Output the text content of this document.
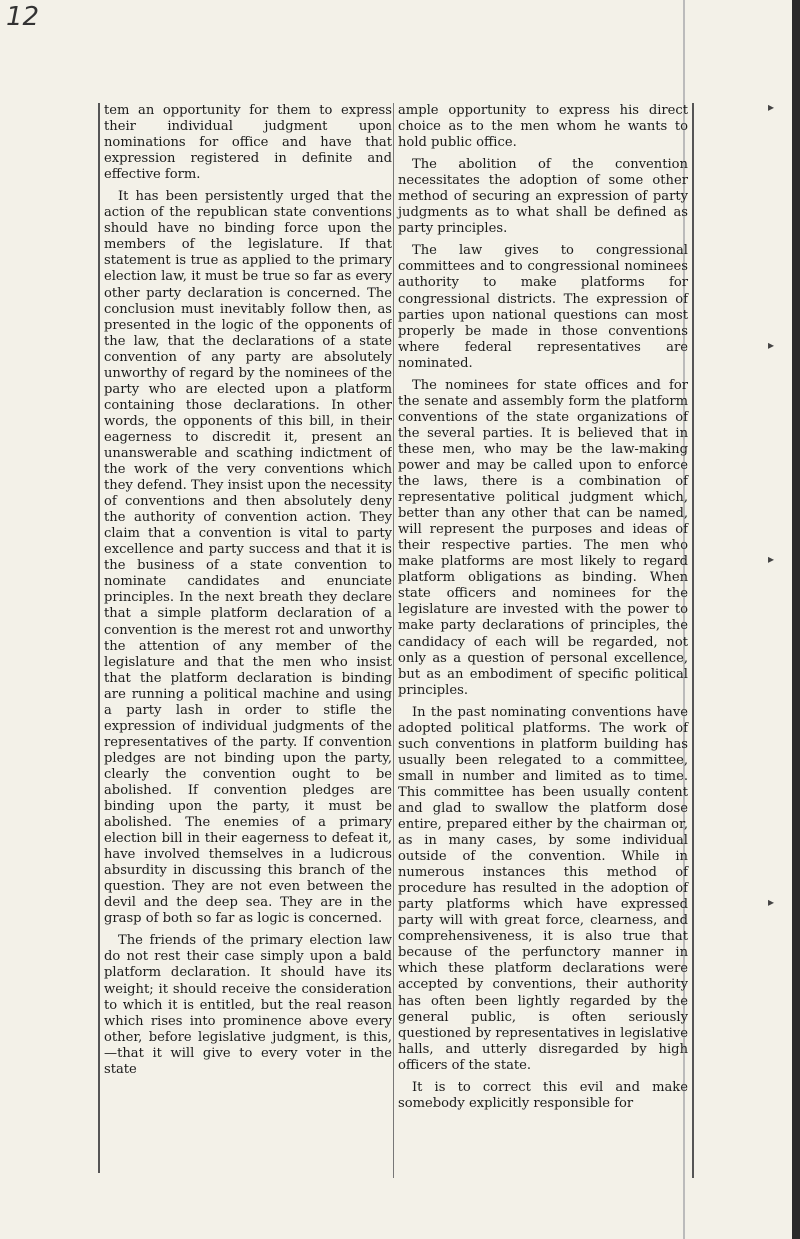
12
▸
▸
▸
▸

tem an opportunity for them to express their individual judgment upon nominations for office and have that expression registered in definite and effective form.

It has been persistently urged that the action of the republican state conventions should have no binding force upon the members of the legislature. If that statement is true as applied to the primary election law, it must be true so far as every other party declaration is concerned. The conclusion must inevitably follow then, as presented in the logic of the opponents of the law, that the declarations of a state convention of any party are absolutely unworthy of regard by the nominees of the party who are elected upon a platform containing those declarations. In other words, the opponents of this bill, in their eagerness to discredit it, present an unanswerable and scathing indictment of the work of the very conventions which they defend. They insist upon the necessity of conventions and then absolutely deny the authority of convention action. They claim that a convention is vital to party excellence and party success and that it is the business of a state convention to nominate candidates and enunciate principles. In the next breath they declare that a simple platform declaration of a convention is the merest rot and unworthy the attention of any member of the legislature and that the men who insist that the platform declaration is binding are running a political machine and using a party lash in order to stifle the expression of individual judgments of the representatives of the party. If convention pledges are not binding upon the party, clearly the convention ought to be abolished. If convention pledges are binding upon the party, it must be abolished. The enemies of a primary election bill in their eagerness to defeat it, have involved themselves in a ludicrous absurdity in discussing this branch of the question. They are not even between the devil and the deep sea. They are in the grasp of both so far as logic is concerned.

The friends of the primary election law do not rest their case simply upon a bald platform declaration. It should have its weight; it should receive the consideration to which it is entitled, but the real reason which rises into prominence above every other, before legislative judgment, is this,—that it will give to every voter in the state

ample opportunity to express his direct choice as to the men whom he wants to hold public office.

The abolition of the convention necessitates the adoption of some other method of securing an expression of party judgments as to what shall be defined as party principles.

The law gives to congressional committees and to congressional nominees authority to make platforms for congressional districts. The expression of parties upon national questions can most properly be made in those conventions where federal representatives are nominated.

The nominees for state offices and for the senate and assembly form the platform conventions of the state organizations of the several parties. It is believed that in these men, who may be the law-making power and may be called upon to enforce the laws, there is a combination of representative political judgment which, better than any other that can be named, will represent the purposes and ideas of their respective parties. The men who make platforms are most likely to regard platform obligations as binding. When state officers and nominees for the legislature are invested with the power to make party declarations of principles, the candidacy of each will be regarded, not only as a question of personal excellence, but as an embodiment of specific political principles.

In the past nominating conventions have adopted political platforms. The work of such conventions in platform building has usually been relegated to a committee, small in number and limited as to time. This committee has been usually content and glad to swallow the platform dose entire, prepared either by the chairman or, as in many cases, by some individual outside of the convention. While in numerous instances this method of procedure has resulted in the adoption of party platforms which have expressed party will with great force, clearness, and comprehensiveness, it is also true that because of the perfunctory manner in which these platform declarations were accepted by conventions, their authority has often been lightly regarded by the general public, is often seriously questioned by representatives in legislative halls, and utterly disregarded by high officers of the state.

It is to correct this evil and make somebody explicitly responsible for
